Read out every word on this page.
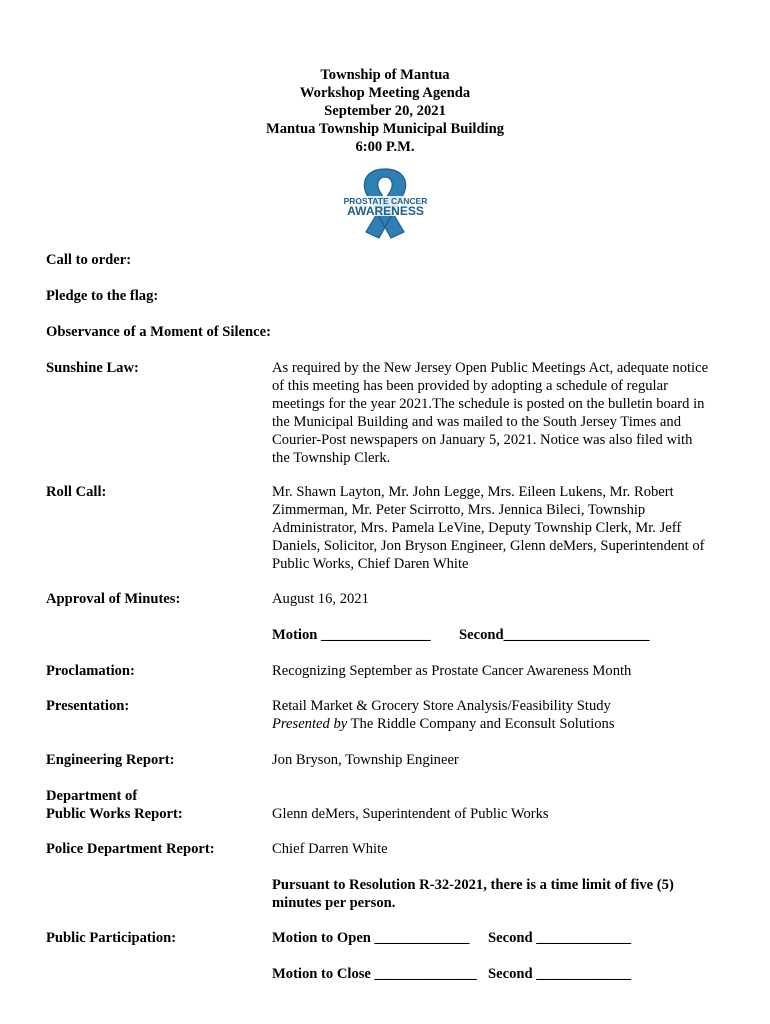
Township of Mantua
Workshop Meeting Agenda
September 20, 2021
Mantua Township Municipal Building
6:00 P.M.
PROSTATE CANCER
AWARENESS
Call to order:
Pledge to the flag:
Observance of a Moment of Silence:
Sunshine Law:	As required by the New Jersey Open Public Meetings Act, adequate notice
of this meeting has been provided by adopting a schedule of regular
meetings for the year 2021.The schedule is posted on the bulletin board in
the Municipal Building and was mailed to the South Jersey Times and
Courier-Post newspapers on January 5, 2021. Notice was also filed with
the Township Clerk.
Roll Call:	Mr. Shawn Layton, Mr. John Legge, Mrs. Eileen Lukens, Mr. Robert
Zimmerman, Mr. Peter Scirrotto, Mrs. Jennica Bileci, Township
Administrator, Mrs. Pamela LeVine, Deputy Township Clerk, Mr. Jeff
Daniels, Solicitor, Jon Bryson Engineer, Glenn deMers, Superintendent of
Public Works, Chief Daren White
Approval of Minutes:	August 16, 2021
Motion _______________ Second____________________
Proclamation:	Recognizing September as Prostate Cancer Awareness Month
Presentation:	Retail Market & Grocery Store Analysis/Feasibility Study
Presented by The Riddle Company and Econsult Solutions
Engineering Report:	Jon Bryson, Township Engineer
Department of
Public Works Report:	Glenn deMers, Superintendent of Public Works
Police Department Report:	Chief Darren White
Pursuant to Resolution R-32-2021, there is a time limit of five (5)
minutes per person.
Public Participation:	Motion to Open _____________ Second _____________
Motion to Close ______________ Second _____________
